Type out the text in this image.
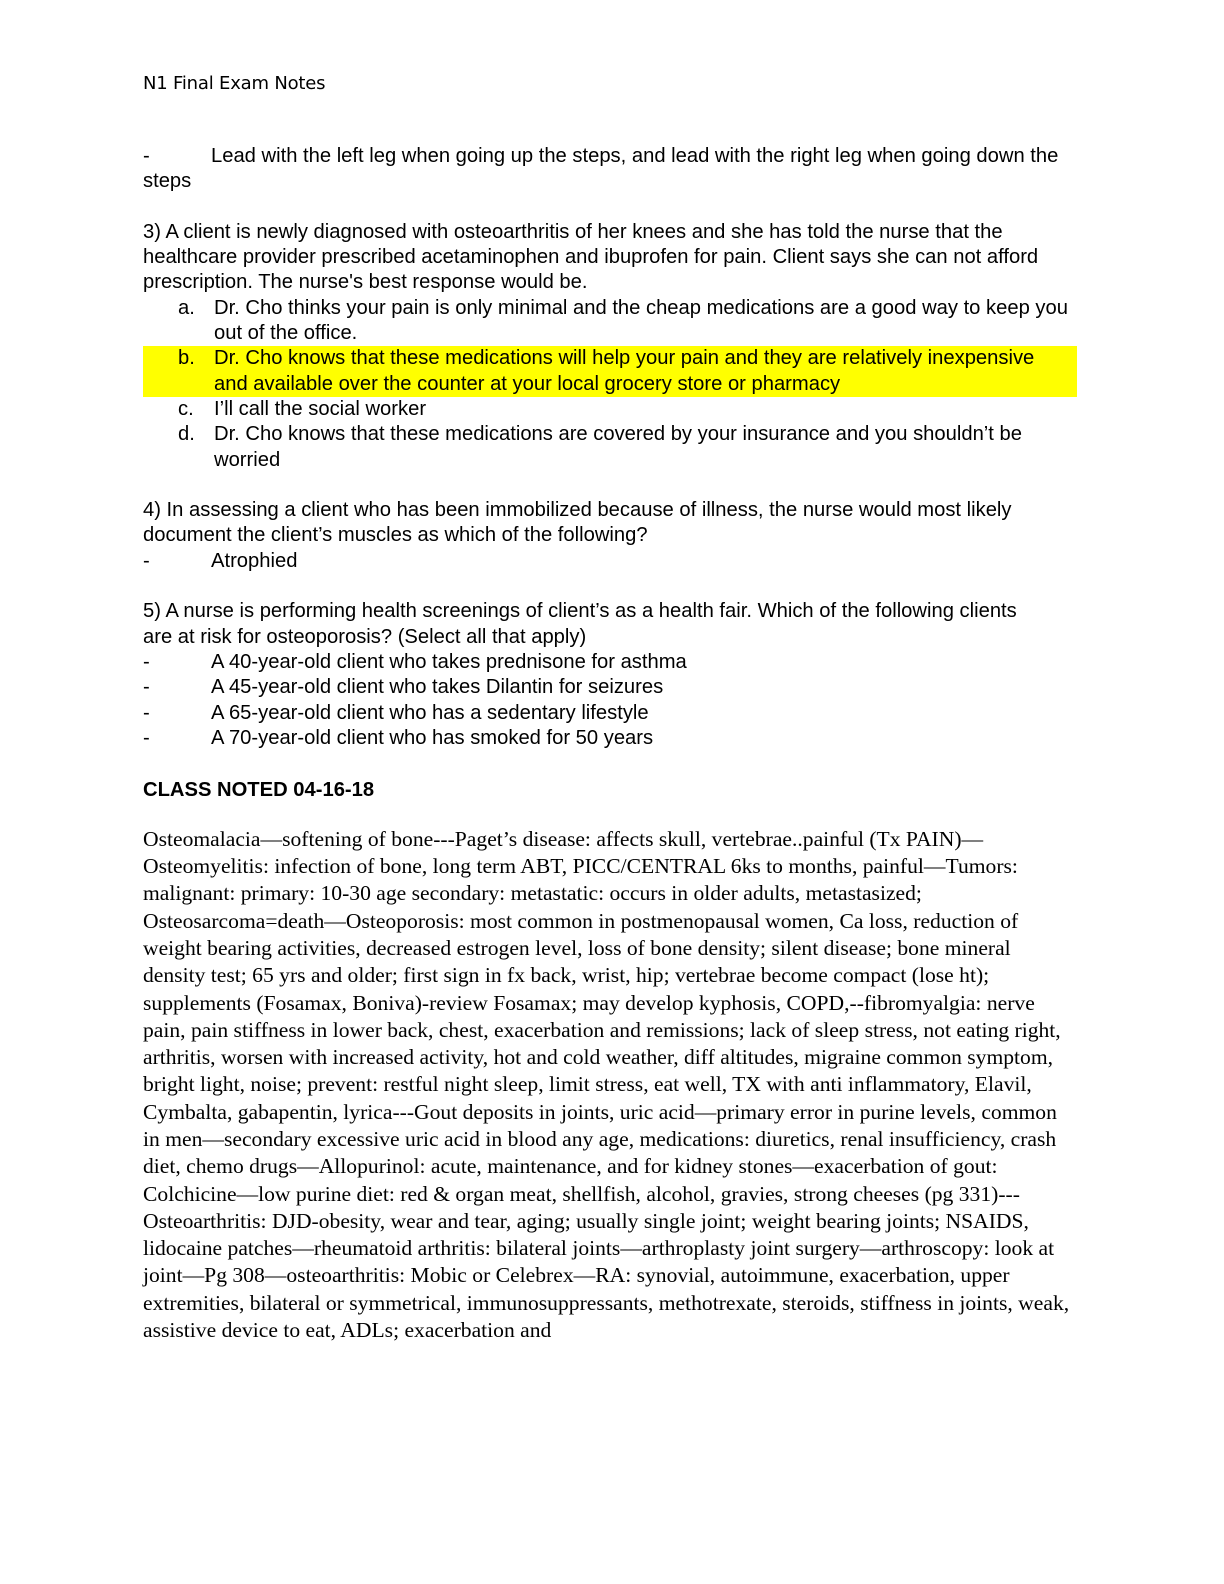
N1 Final Exam Notes
-	Lead with the left leg when going up the steps, and lead with the right leg when going down the steps
3) A client is newly diagnosed with osteoarthritis of her knees and she has told the nurse that the healthcare provider prescribed acetaminophen and ibuprofen for pain. Client says she can not afford prescription. The nurse's best response would be.
a. Dr. Cho thinks your pain is only minimal and the cheap medications are a good way to keep you out of the office.
b. Dr. Cho knows that these medications will help your pain and they are relatively inexpensive and available over the counter at your local grocery store or pharmacy
c.	I’ll call the social worker
d. Dr. Cho knows that these medications are covered by your insurance and you shouldn’t be worried
4) In assessing a client who has been immobilized because of illness, the nurse would most likely document the client’s muscles as which of the following?
-	Atrophied
5) A nurse is performing health screenings of client’s as a health fair. Which of the following clients are at risk for osteoporosis? (Select all that apply)
-	A 40-year-old client who takes prednisone for asthma
-	A 45-year-old client who takes Dilantin for seizures
-	A 65-year-old client who has a sedentary lifestyle
-	A 70-year-old client who has smoked for 50 years
CLASS NOTED 04-16-18
Osteomalacia—softening of bone---Paget’s disease: affects skull, vertebrae..painful (Tx PAIN)—Osteomyelitis: infection of bone, long term ABT, PICC/CENTRAL 6ks to months, painful—Tumors: malignant: primary: 10-30 age secondary: metastatic: occurs in older adults, metastasized; Osteosarcoma=death—Osteoporosis: most common in postmenopausal women, Ca loss, reduction of weight bearing activities, decreased estrogen level, loss of bone density; silent disease; bone mineral density test; 65 yrs and older; first sign in fx back, wrist, hip; vertebrae become compact (lose ht); supplements (Fosamax, Boniva)-review Fosamax; may develop kyphosis, COPD,--fibromyalgia: nerve pain, pain stiffness in lower back, chest, exacerbation and remissions; lack of sleep stress, not eating right, arthritis, worsen with increased activity, hot and cold weather, diff altitudes, migraine common symptom, bright light, noise; prevent: restful night sleep, limit stress, eat well, TX with anti inflammatory, Elavil, Cymbalta, gabapentin, lyrica---Gout deposits in joints, uric acid—primary error in purine levels, common in men—secondary excessive uric acid in blood any age, medications: diuretics, renal insufficiency, crash diet, chemo drugs—Allopurinol: acute, maintenance, and for kidney stones—exacerbation of gout: Colchicine—low purine diet: red & organ meat, shellfish, alcohol, gravies, strong cheeses (pg 331)---Osteoarthritis: DJD-obesity, wear and tear, aging; usually single joint; weight bearing joints; NSAIDS, lidocaine patches—rheumatoid arthritis: bilateral joints—arthroplasty joint surgery—arthroscopy: look at joint—Pg 308—osteoarthritis: Mobic or Celebrex—RA: synovial, autoimmune, exacerbation, upper extremities, bilateral or symmetrical, immunosuppressants, methotrexate, steroids, stiffness in joints, weak, assistive device to eat, ADLs; exacerbation and
